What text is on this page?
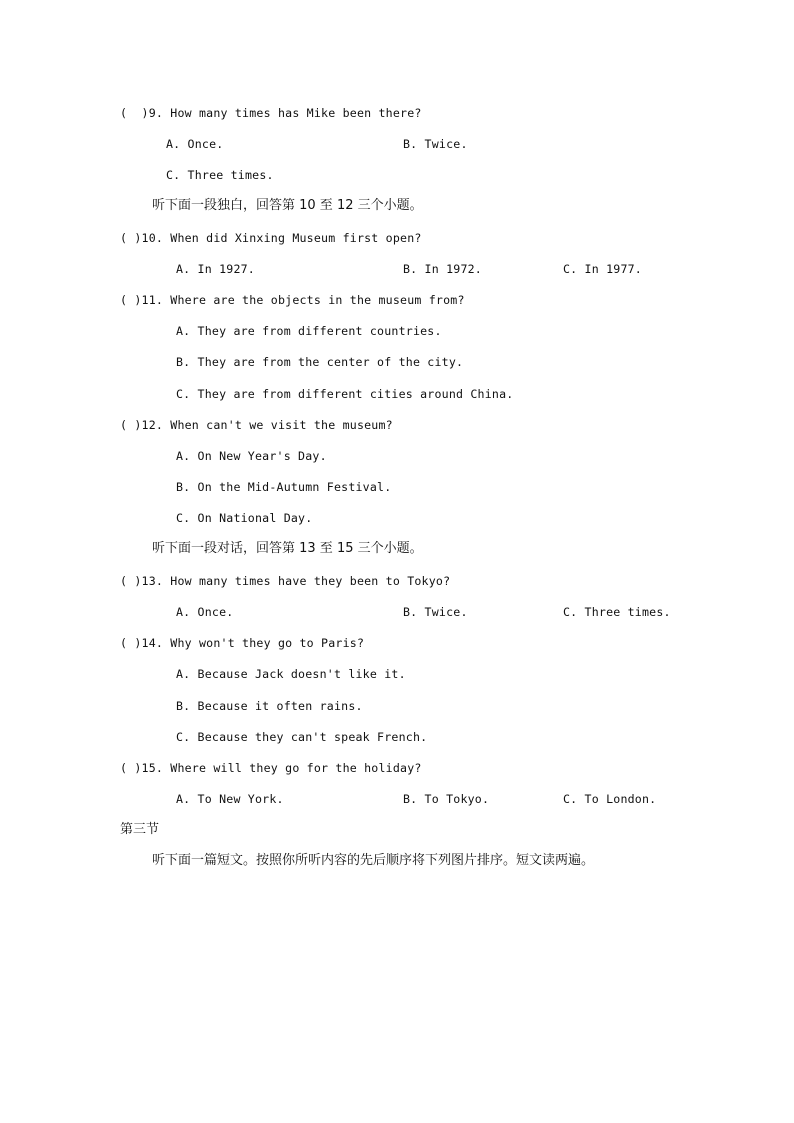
(  )9. How many times has Mike been there?
A. Once.	B. Twice.
C. Three times.
听下面一段独白，回答第 10 至 12 三个小题。
( )10. When did Xinxing Museum first open?
A. In 1927.	B. In 1972.	C. In 1977.
( )11. Where are the objects in the museum from?
A. They are from different countries.
B. They are from the center of the city.
C. They are from different cities around China.
( )12. When can't we visit the museum?
A. On New Year's Day.
B. On the Mid-Autumn Festival.
C. On National Day.
听下面一段对话，回答第 13 至 15 三个小题。
( )13. How many times have they been to Tokyo?
A. Once.	B. Twice.	C. Three times.
( )14. Why won't they go to Paris?
A. Because Jack doesn't like it.
B. Because it often rains.
C. Because they can't speak French.
( )15. Where will they go for the holiday?
A. To New York.	B. To Tokyo.	C. To London.
第三节
听下面一篇短文。按照你所听内容的先后顺序将下列图片排序。短文读两遍。
